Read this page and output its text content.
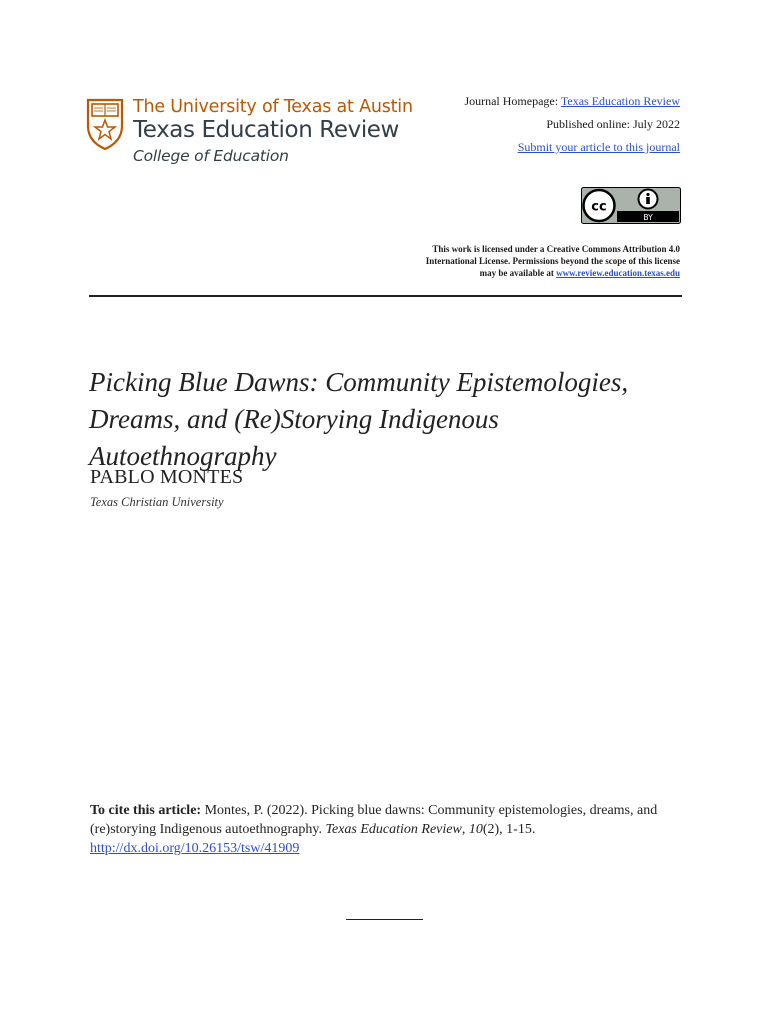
The University of Texas at Austin
Texas Education Review
College of Education
Journal Homepage: Texas Education Review
Published online: July 2022
Submit your article to this journal
cc
BY
This work is licensed under a Creative Commons Attribution 4.0
International License. Permissions beyond the scope of this license
may be available at www.review.education.texas.edu
Picking Blue Dawns: Community Epistemologies, Dreams, and (Re)Storying Indigenous Autoethnography
PABLO MONTES
Texas Christian University
To cite this article: Montes, P. (2022). Picking blue dawns: Community epistemologies, dreams, and (re)storying Indigenous autoethnography. Texas Education Review, 10(2), 1-15.
http://dx.doi.org/10.26153/tsw/41909
